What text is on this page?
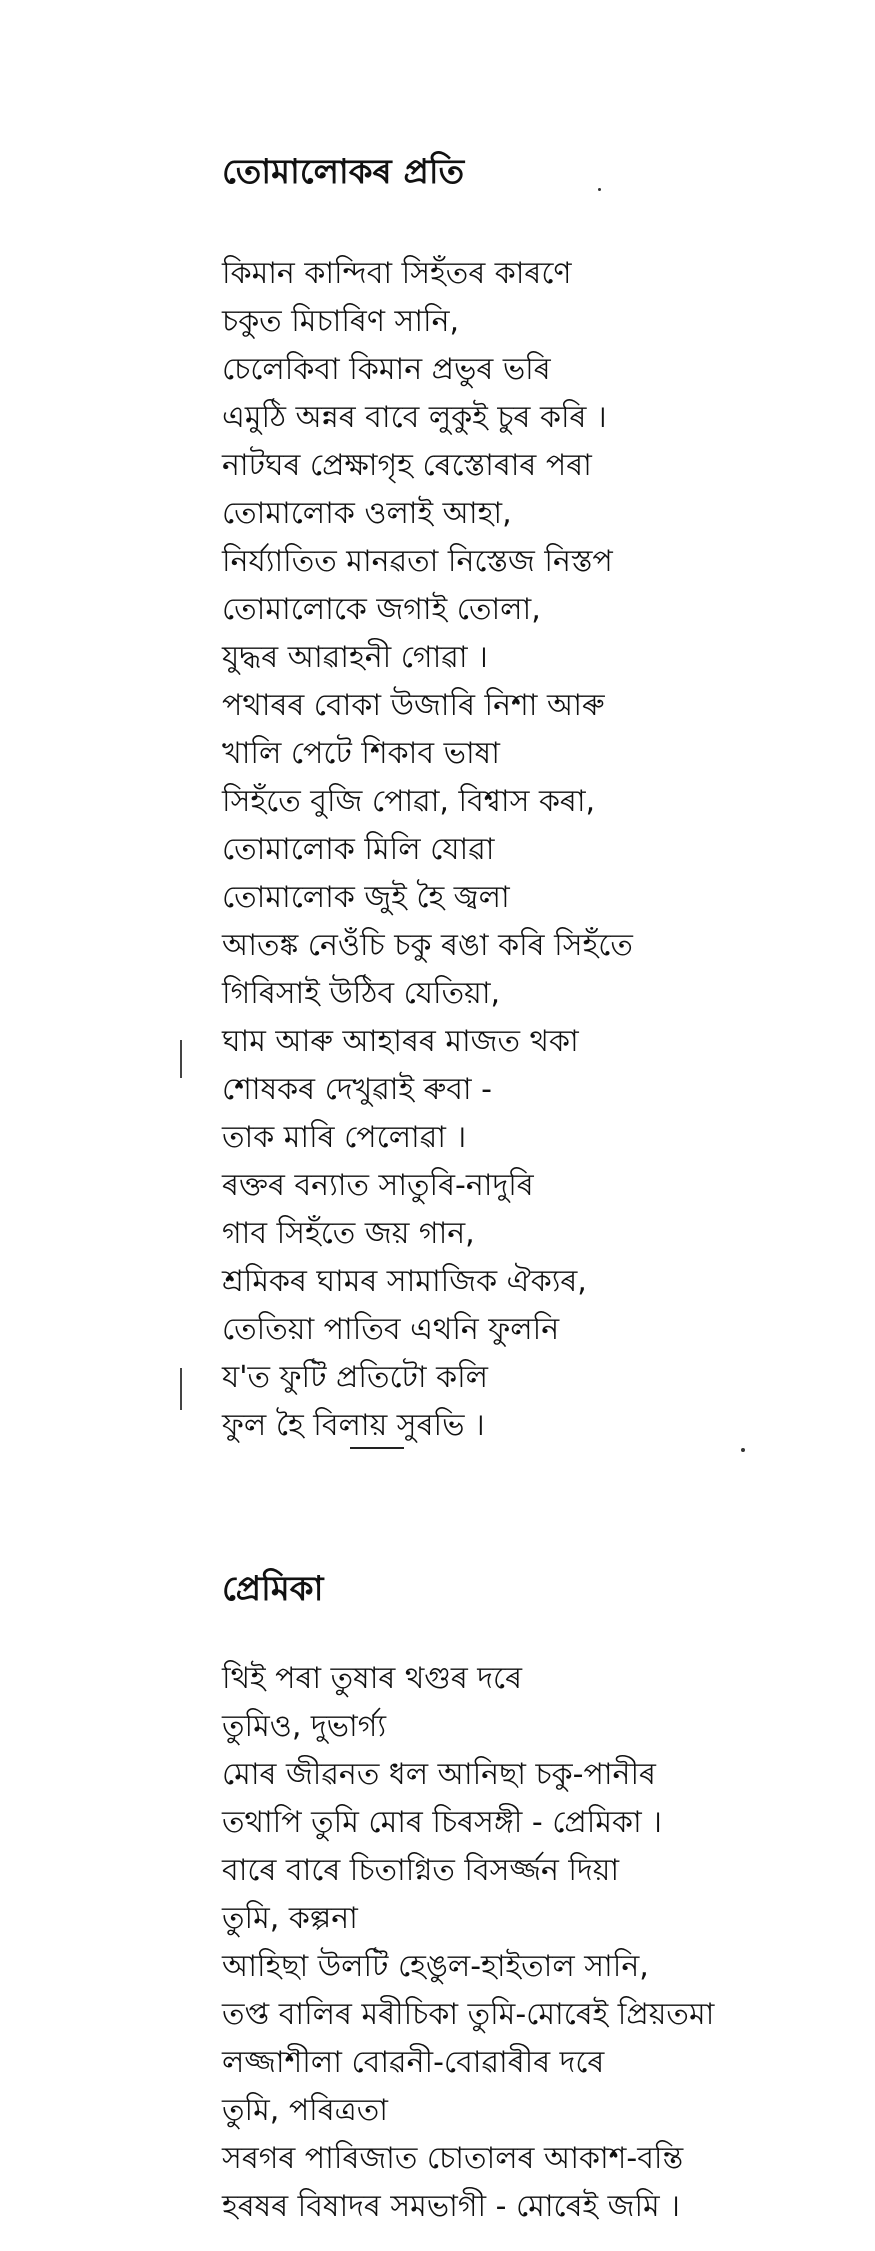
তোমালোকৰ প্ৰতি
কিমান কান্দিবা সিহঁতৰ কাৰণে
চকুত মিচাৰিণ সানি,
চেলেকিবা কিমান প্ৰভুৰ ভৰি
এমুঠি অন্নৰ বাবে লুকুই চুৰ কৰি ।
নাটঘৰ প্ৰেক্ষাগৃহ ৰেস্তোৰাৰ পৰা
তোমালোক ওলাই আহা,
নিৰ্য্যাতিত মানৱতা নিস্তেজ নিস্তপ
তোমালোকে জগাই তোলা,
যুদ্ধৰ আৱাহনী গোৱা ।
পথাৰৰ বোকা উজাৰি নিশা আৰু
খালি পেটে শিকাব ভাষা
সিহঁতে বুজি পোৱা, বিশ্বাস কৰা,
তোমালোক মিলি যোৱা
তোমালোক জুই হৈ জ্বলা
আতঙ্ক নেওঁচি চকু ৰঙা কৰি সিহঁতে
গিৰিসাই উঠিব যেতিয়া,
ঘাম আৰু আহাৰৰ মাজত থকা
শোষকৰ দেখুৱাই ৰুবা -
তাক মাৰি পেলোৱা ।
ৰক্তৰ বন্যাত সাতুৰি-নাদুৰি
গাব সিহঁতে জয় গান,
শ্ৰমিকৰ ঘামৰ সামাজিক ঐক্যৰ,
তেতিয়া পাতিব এথনি ফুলনি
য'ত ফুটি প্ৰতিটো কলি
ফুল হৈ বিলায় সুৰভি ।
প্ৰেমিকা
থিই পৰা তুষাৰ থগুৰ দৰে
তুমিও, দুভাৰ্গ্য
মোৰ জীৱনত ধল আনিছা চকু-পানীৰ
তথাপি তুমি মোৰ চিৰসঙ্গী - প্ৰেমিকা ।
বাৰে বাৰে চিতাগ্নিত বিসৰ্জ্জন দিয়া
তুমি, কল্পনা
আহিছা উলটি হেঙুল-হাইতাল সানি,
তপ্ত বালিৰ মৰীচিকা তুমি-মোৰেই প্ৰিয়তমা
লজ্জাশীলা বোৱনী-বোৱাৰীৰ দৰে
তুমি, পৰিত্ৰতা
সৰগৰ পাৰিজাত চোতালৰ আকাশ-বন্তি
হৰষৰ বিষাদৰ সমভাগী - মোৰেই জমি ।
